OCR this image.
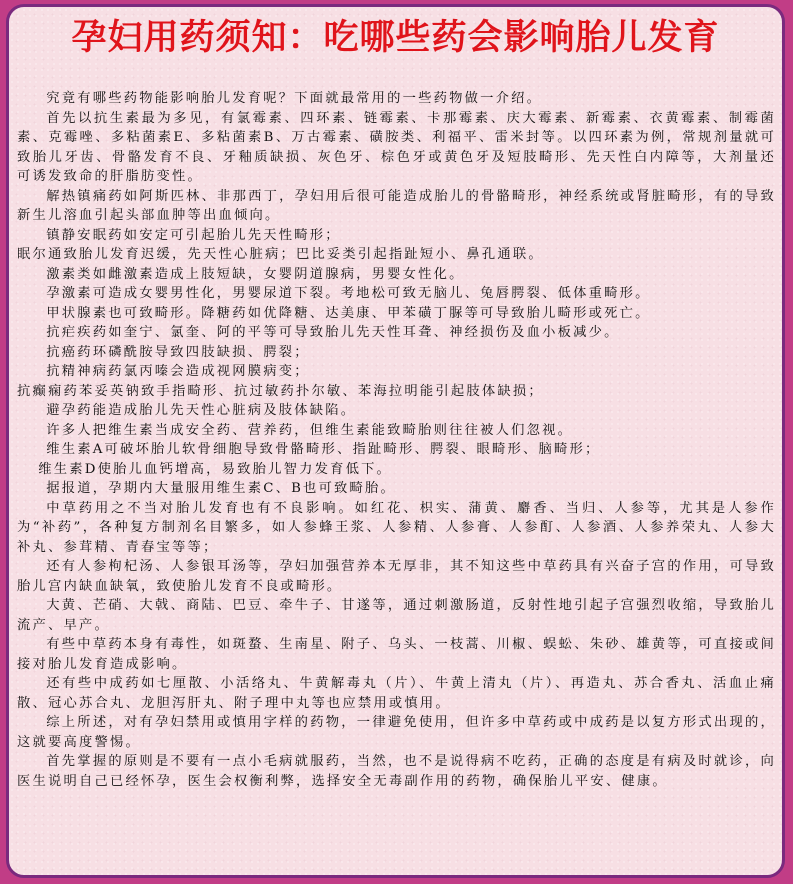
孕妇用药须知：吃哪些药会影响胎儿发育

究竟有哪些药物能影响胎儿发育呢？下面就最常用的一些药物做一介绍。

首先以抗生素最为多见，有氯霉素、四环素、链霉素、卡那霉素、庆大霉素、新霉素、衣黄霉素、制霉菌素、克霉唑、多粘菌素E、多粘菌素B、万古霉素、磺胺类、利福平、雷米封等。以四环素为例，常规剂量就可致胎儿牙齿、骨骼发育不良、牙釉质缺损、灰色牙、棕色牙或黄色牙及短肢畸形、先天性白内障等，大剂量还可诱发致命的肝脂肪变性。

解热镇痛药如阿斯匹林、非那西丁，孕妇用后很可能造成胎儿的骨骼畸形，神经系统或肾脏畸形，有的导致新生儿溶血引起头部血肿等出血倾向。

镇静安眠药如安定可引起胎儿先天性畸形；

眠尔通致胎儿发育迟缓，先天性心脏病；巴比妥类引起指趾短小、鼻孔通联。

激素类如雌激素造成上肢短缺，女婴阴道腺病，男婴女性化。

孕激素可造成女婴男性化，男婴尿道下裂。考地松可致无脑儿、兔唇腭裂、低体重畸形。

甲状腺素也可致畸形。降糖药如优降糖、达美康、甲苯磺丁脲等可导致胎儿畸形或死亡。

抗疟疾药如奎宁、氯奎、阿的平等可导致胎儿先天性耳聋、神经损伤及血小板减少。

抗癌药环磷酰胺导致四肢缺损、腭裂；

抗精神病药氯丙嗪会造成视网膜病变；

抗癫痫药苯妥英钠致手指畸形、抗过敏药扑尔敏、苯海拉明能引起肢体缺损；

避孕药能造成胎儿先天性心脏病及肢体缺陷。

许多人把维生素当成安全药、营养药，但维生素能致畸胎则往往被人们忽视。

维生素A可破坏胎儿软骨细胞导致骨骼畸形、指趾畸形、腭裂、眼畸形、脑畸形；

维生素D使胎儿血钙增高，易致胎儿智力发育低下。

据报道，孕期内大量服用维生素C、B也可致畸胎。

中草药用之不当对胎儿发育也有不良影响。如红花、枳实、蒲黄、麝香、当归、人参等，尤其是人参作为“补药”，各种复方制剂名目繁多，如人参蜂王浆、人参精、人参膏、人参酊、人参酒、人参养荣丸、人参大补丸、参茸精、青春宝等等；

还有人参枸杞汤、人参银耳汤等，孕妇加强营养本无厚非，其不知这些中草药具有兴奋子宫的作用，可导致胎儿宫内缺血缺氧，致使胎儿发育不良或畸形。

大黄、芒硝、大戟、商陆、巴豆、牵牛子、甘遂等，通过刺激肠道，反射性地引起子宫强烈收缩，导致胎儿流产、早产。

有些中草药本身有毒性，如斑蝥、生南星、附子、乌头、一枝蒿、川椒、蜈蚣、朱砂、雄黄等，可直接或间接对胎儿发育造成影响。

还有些中成药如七厘散、小活络丸、牛黄解毒丸（片）、牛黄上清丸（片）、再造丸、苏合香丸、活血止痛散、冠心苏合丸、龙胆泻肝丸、附子理中丸等也应禁用或慎用。

综上所述，对有孕妇禁用或慎用字样的药物，一律避免使用，但许多中草药或中成药是以复方形式出现的，这就要高度警惕。

首先掌握的原则是不要有一点小毛病就服药，当然，也不是说得病不吃药，正确的态度是有病及时就诊，向医生说明自己已经怀孕，医生会权衡利弊，选择安全无毒副作用的药物，确保胎儿平安、健康。
